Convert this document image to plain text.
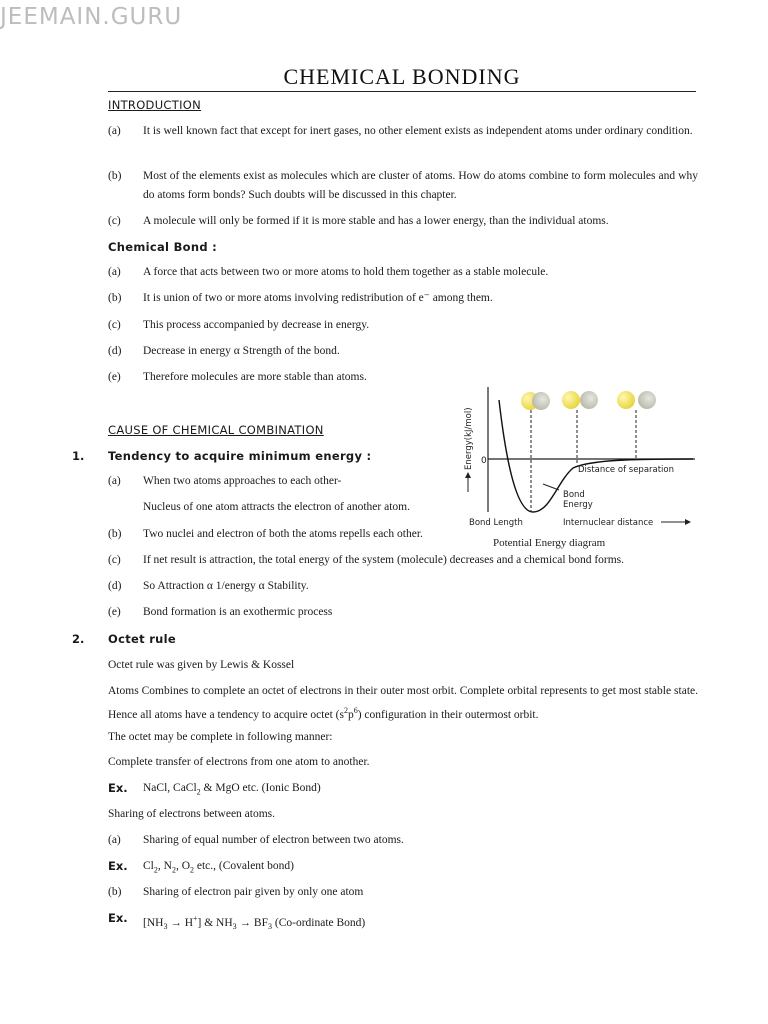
JEEMAIN.GURU
CHEMICAL BONDING
INTRODUCTION
(a) It is well known fact that except for inert gases, no other element exists as independent atoms under ordinary condition.
(b) Most of the elements exist as molecules which are cluster of atoms. How do atoms combine to form molecules and why do atoms form bonds? Such doubts will be discussed in this chapter.
(c) A molecule will only be formed if it is more stable and has a lower energy, than the individual atoms.
Chemical Bond :
(a) A force that acts between two or more atoms to hold them together as a stable molecule.
(b) It is union of two or more atoms involving redistribution of e⁻ among them.
(c) This process accompanied by decrease in energy.
(d) Decrease in energy α Strength of the bond.
(e) Therefore molecules are more stable than atoms.
CAUSE OF CHEMICAL COMBINATION
1. Tendency to acquire minimum energy :
(a) When two atoms approaches to each other-
Nucleus of one atom attracts the electron of another atom.
(b) Two nuclei and electron of both the atoms repells each other.
(c) If net result is attraction, the total energy of the system (molecule) decreases and a chemical bond forms.
(d) So Attraction α 1/energy α Stability.
(e) Bond formation is an exothermic process
Energy(kJ/mol) 0
Distance of separation
Bond Energy
Bond Length	Internuclear distance
Potential Energy diagram
2. Octet rule
Octet rule was given by Lewis & Kossel
Atoms Combines to complete an octet of electrons in their outer most orbit. Complete orbital represents to get most stable state. Hence all atoms have a tendency to acquire octet $(s^2p^6)$ configuration in their outermost orbit.
The octet may be complete in following manner:
Complete transfer of electrons from one atom to another.
Ex. NaCl, CaCl$_2$ & MgO etc. (Ionic Bond)
Sharing of electrons between atoms.
(a) Sharing of equal number of electron between two atoms.
Ex. $Cl_2$, $N_2$, $O_2$ etc., (Covalent bond)
(b) Sharing of electron pair given by only one atom
Ex. $[NH_3 \to H^+]$ & $NH_3 \to BF_3$ (Co-ordinate Bond)
